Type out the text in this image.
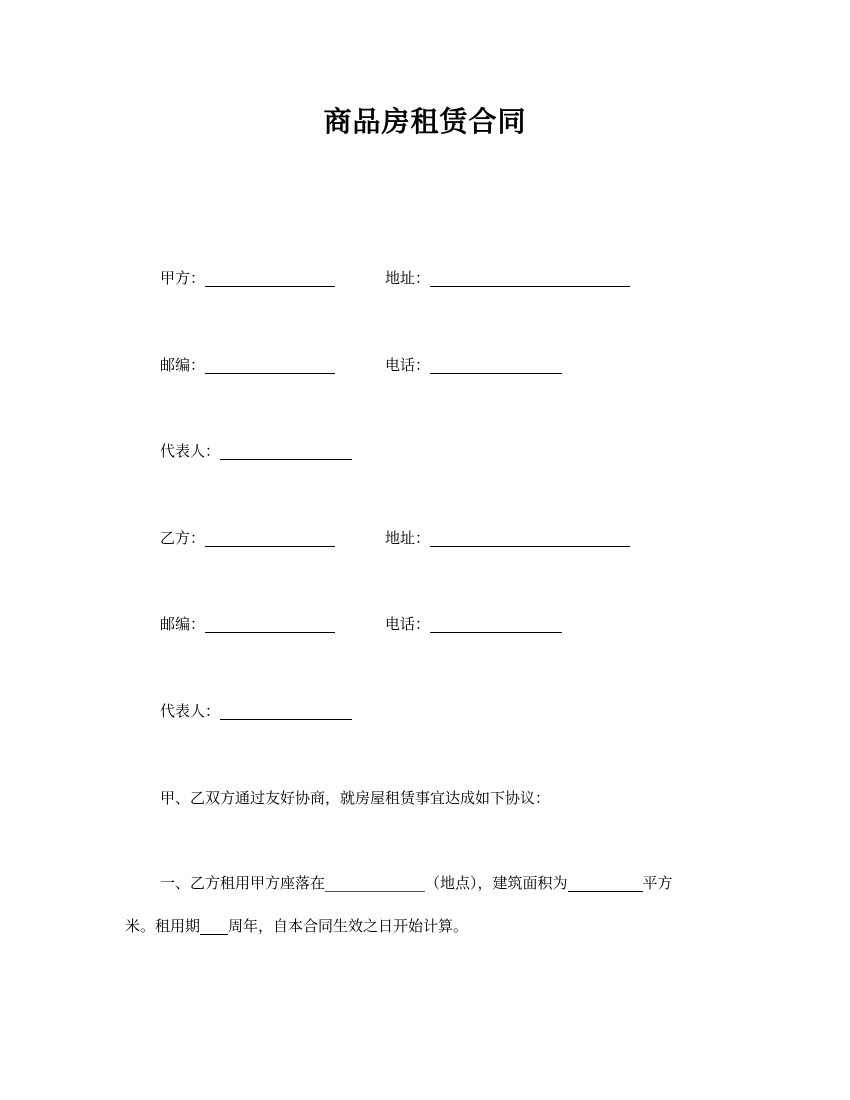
商品房租赁合同
甲方：	地址：
邮编：	电话：
代表人：
乙方：	地址：
邮编：	电话：
代表人：
甲、乙双方通过友好协商，就房屋租赁事宜达成如下协议：
一、乙方租用甲方座落在	（地点），建筑面积为	平方
米。租用期 周年，自本合同生效之日开始计算。
